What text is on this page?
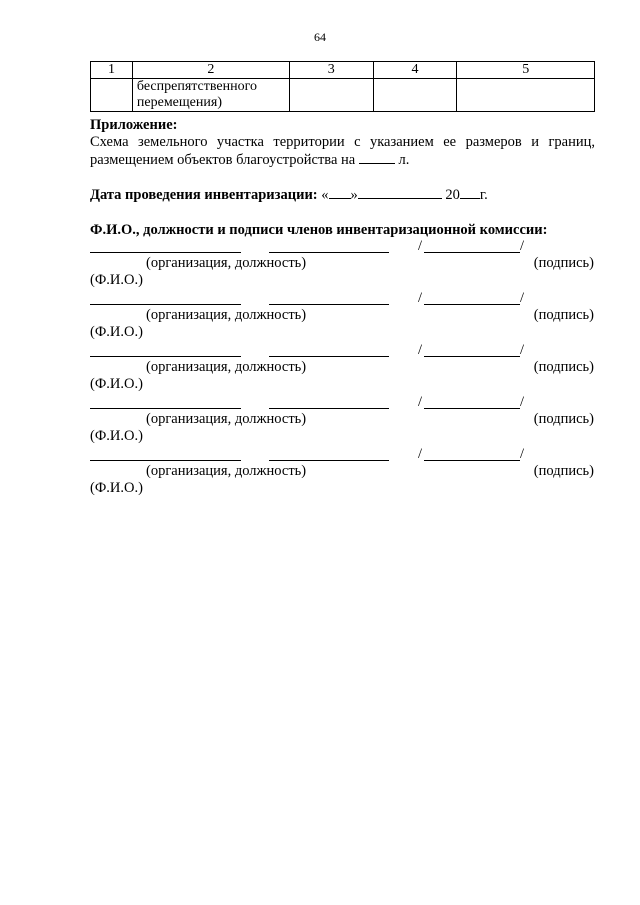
64
1	2	3	4	5
	беспрепятственного перемещения)			
Приложение:
Схема земельного участка территории с указанием ее размеров и границ,
размещением объектов благоустройства на	л.
Дата проведения инвентаризации: « »	20 г.
Ф.И.О., должности и подписи членов инвентаризационной комиссии:
/	/
(организация, должность)	(подпись)
(Ф.И.О.)
/	/
(организация, должность)	(подпись)
(Ф.И.О.)
/	/
(организация, должность)	(подпись)
(Ф.И.О.)
/	/
(организация, должность)	(подпись)
(Ф.И.О.)
/	/
(организация, должность)	(подпись)
(Ф.И.О.)
